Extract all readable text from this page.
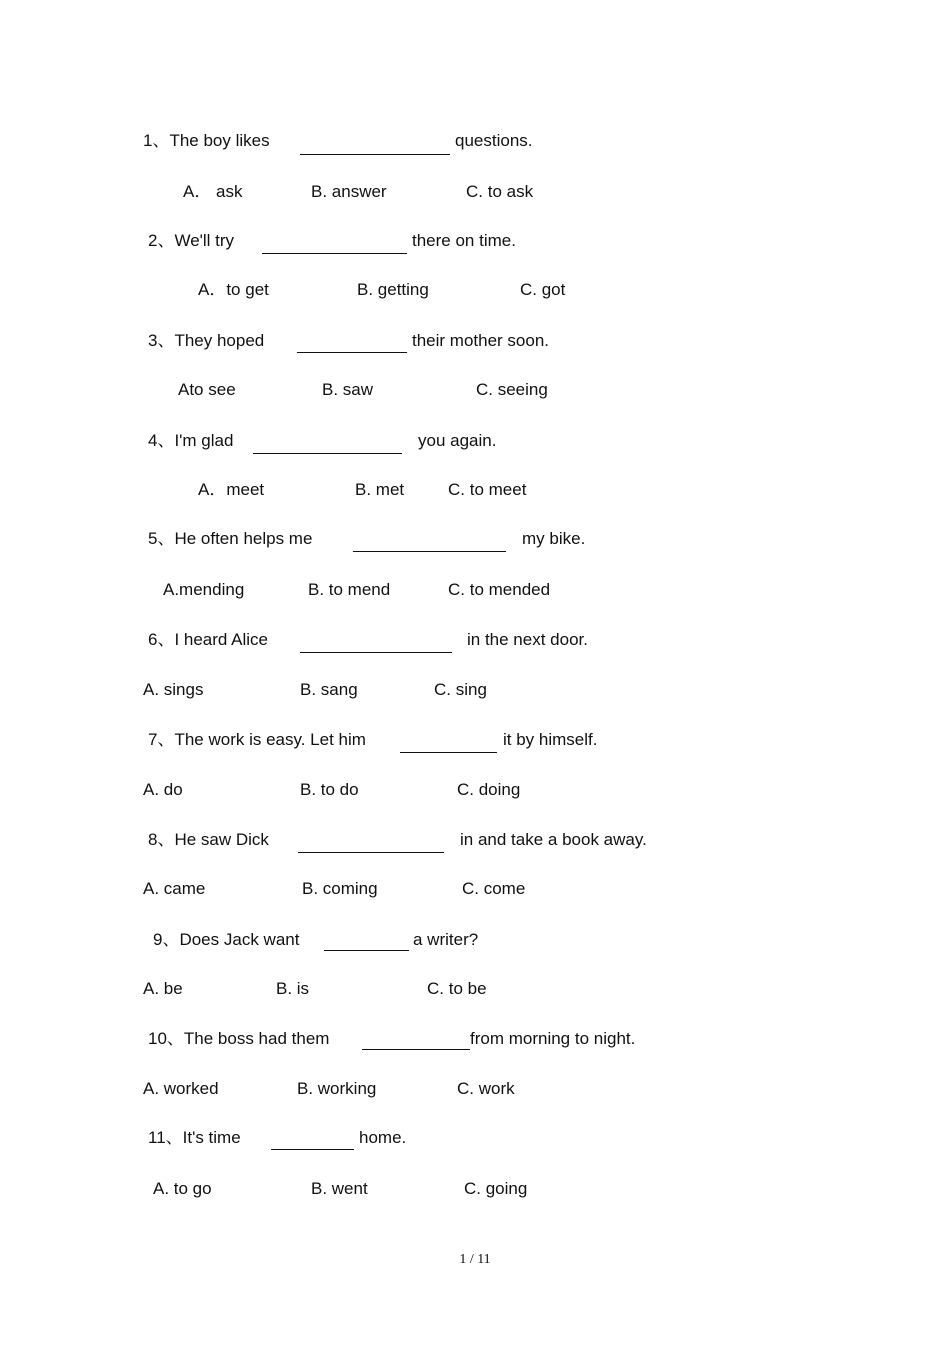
1、The boy likes	questions.
A． ask	B. answer	C. to ask
2、We'll try	there on time.
A．to get	B. getting	C. got
3、They hoped	their mother soon.
Ato see	B. saw	C. seeing
4、I'm glad	you again.
A．meet	B. met	C. to meet
5、He often helps me	my bike.
A.mending	B. to mend	C. to mended
6、I heard Alice	in the next door.
A. sings	B. sang	C. sing
7、The work is easy. Let him	it by himself.
A. do	B. to do	C. doing
8、He saw Dick	in and take a book away.
A. came	B. coming	C. come
9、Does Jack want	a writer?
A. be	B. is	C. to be
10、The boss had them	from morning to night.
A. worked	B. working	C. work
11、It's time	home.
A. to go	B. went	C. going
1 / 11
